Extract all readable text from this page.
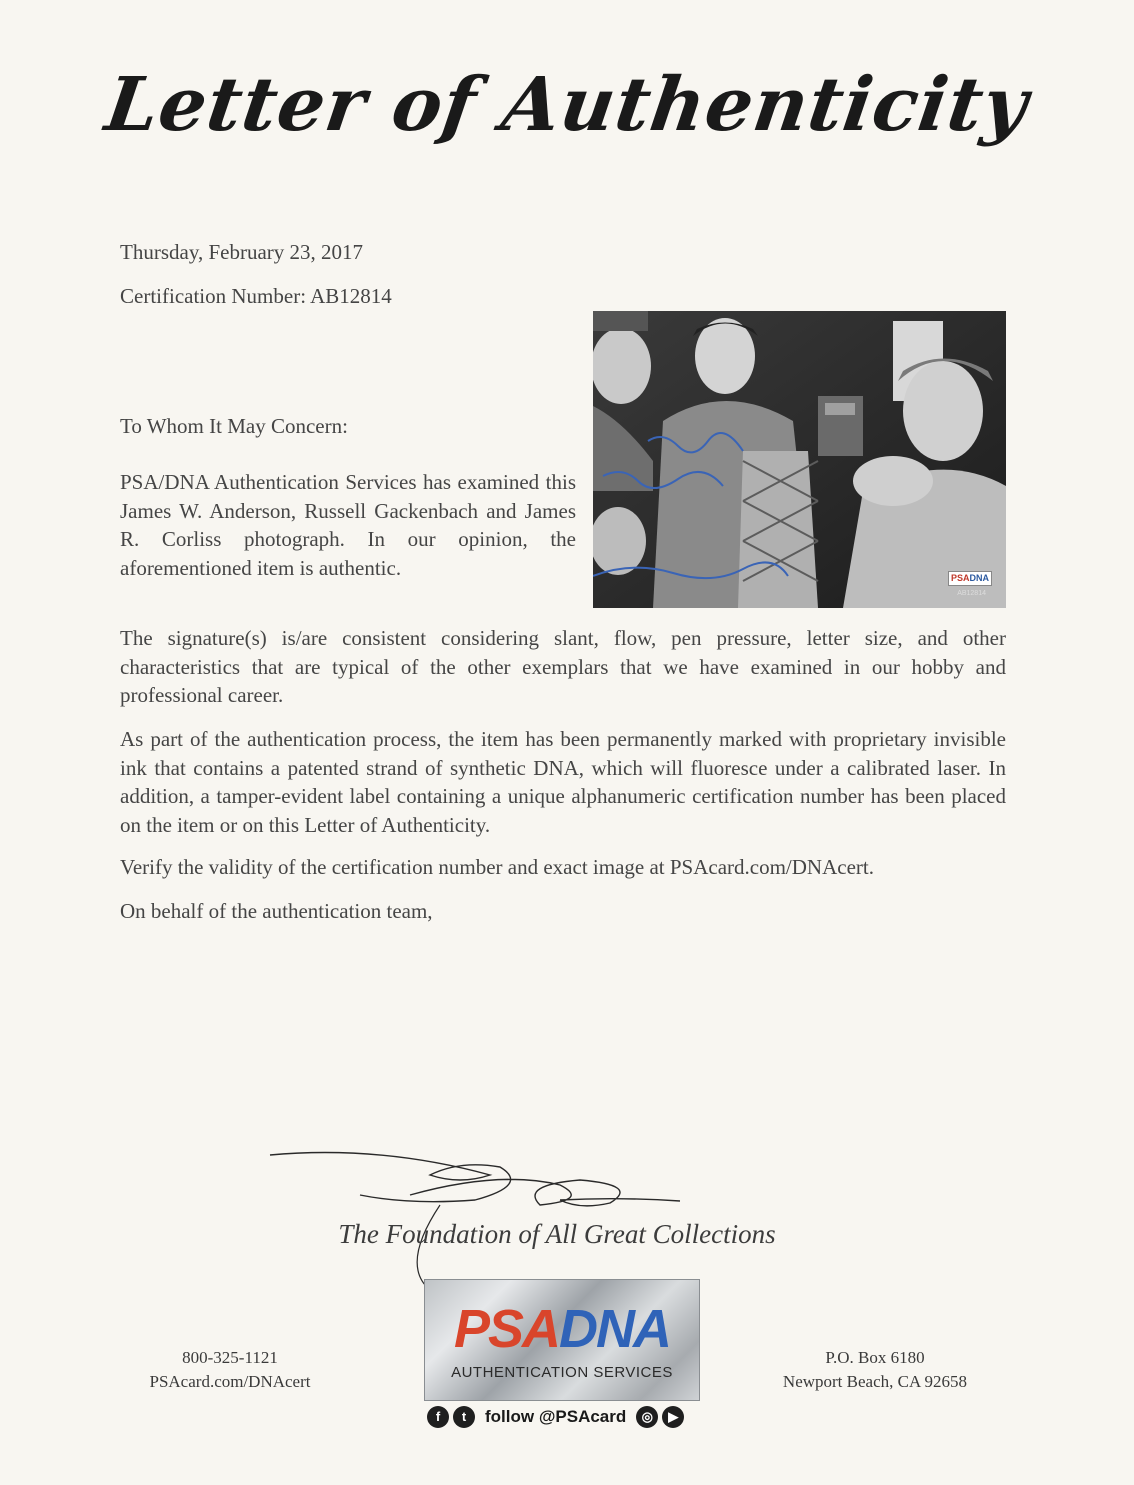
Letter of Authenticity
Thursday, February 23, 2017
Certification Number: AB12814
To Whom It May Concern:
PSA/DNA Authentication Services has examined this James W. Anderson, Russell Gackenbach and James R. Corliss photograph. In our opinion, the aforementioned item is authentic.	PSADNA
AB12814

The signature(s) is/are consistent considering slant, flow, pen pressure, letter size, and other characteristics that are typical of the other exemplars that we have examined in our hobby and professional career.

As part of the authentication process, the item has been permanently marked with proprietary invisible ink that contains a patented strand of synthetic DNA, which will fluoresce under a calibrated laser. In addition, a tamper-evident label containing a unique alphanumeric certification number has been placed on the item or on this Letter of Authenticity.

Verify the validity of the certification number and exact image at PSAcard.com/DNAcert.

On behalf of the authentication team,

The Foundation of All Great Collections
800-325-1121
PSAcard.com/DNAcert
PSADNA
AUTHENTICATION SERVICES
P.O. Box 6180
Newport Beach, CA 92658
f	t	follow @PSAcard	◎	▶
